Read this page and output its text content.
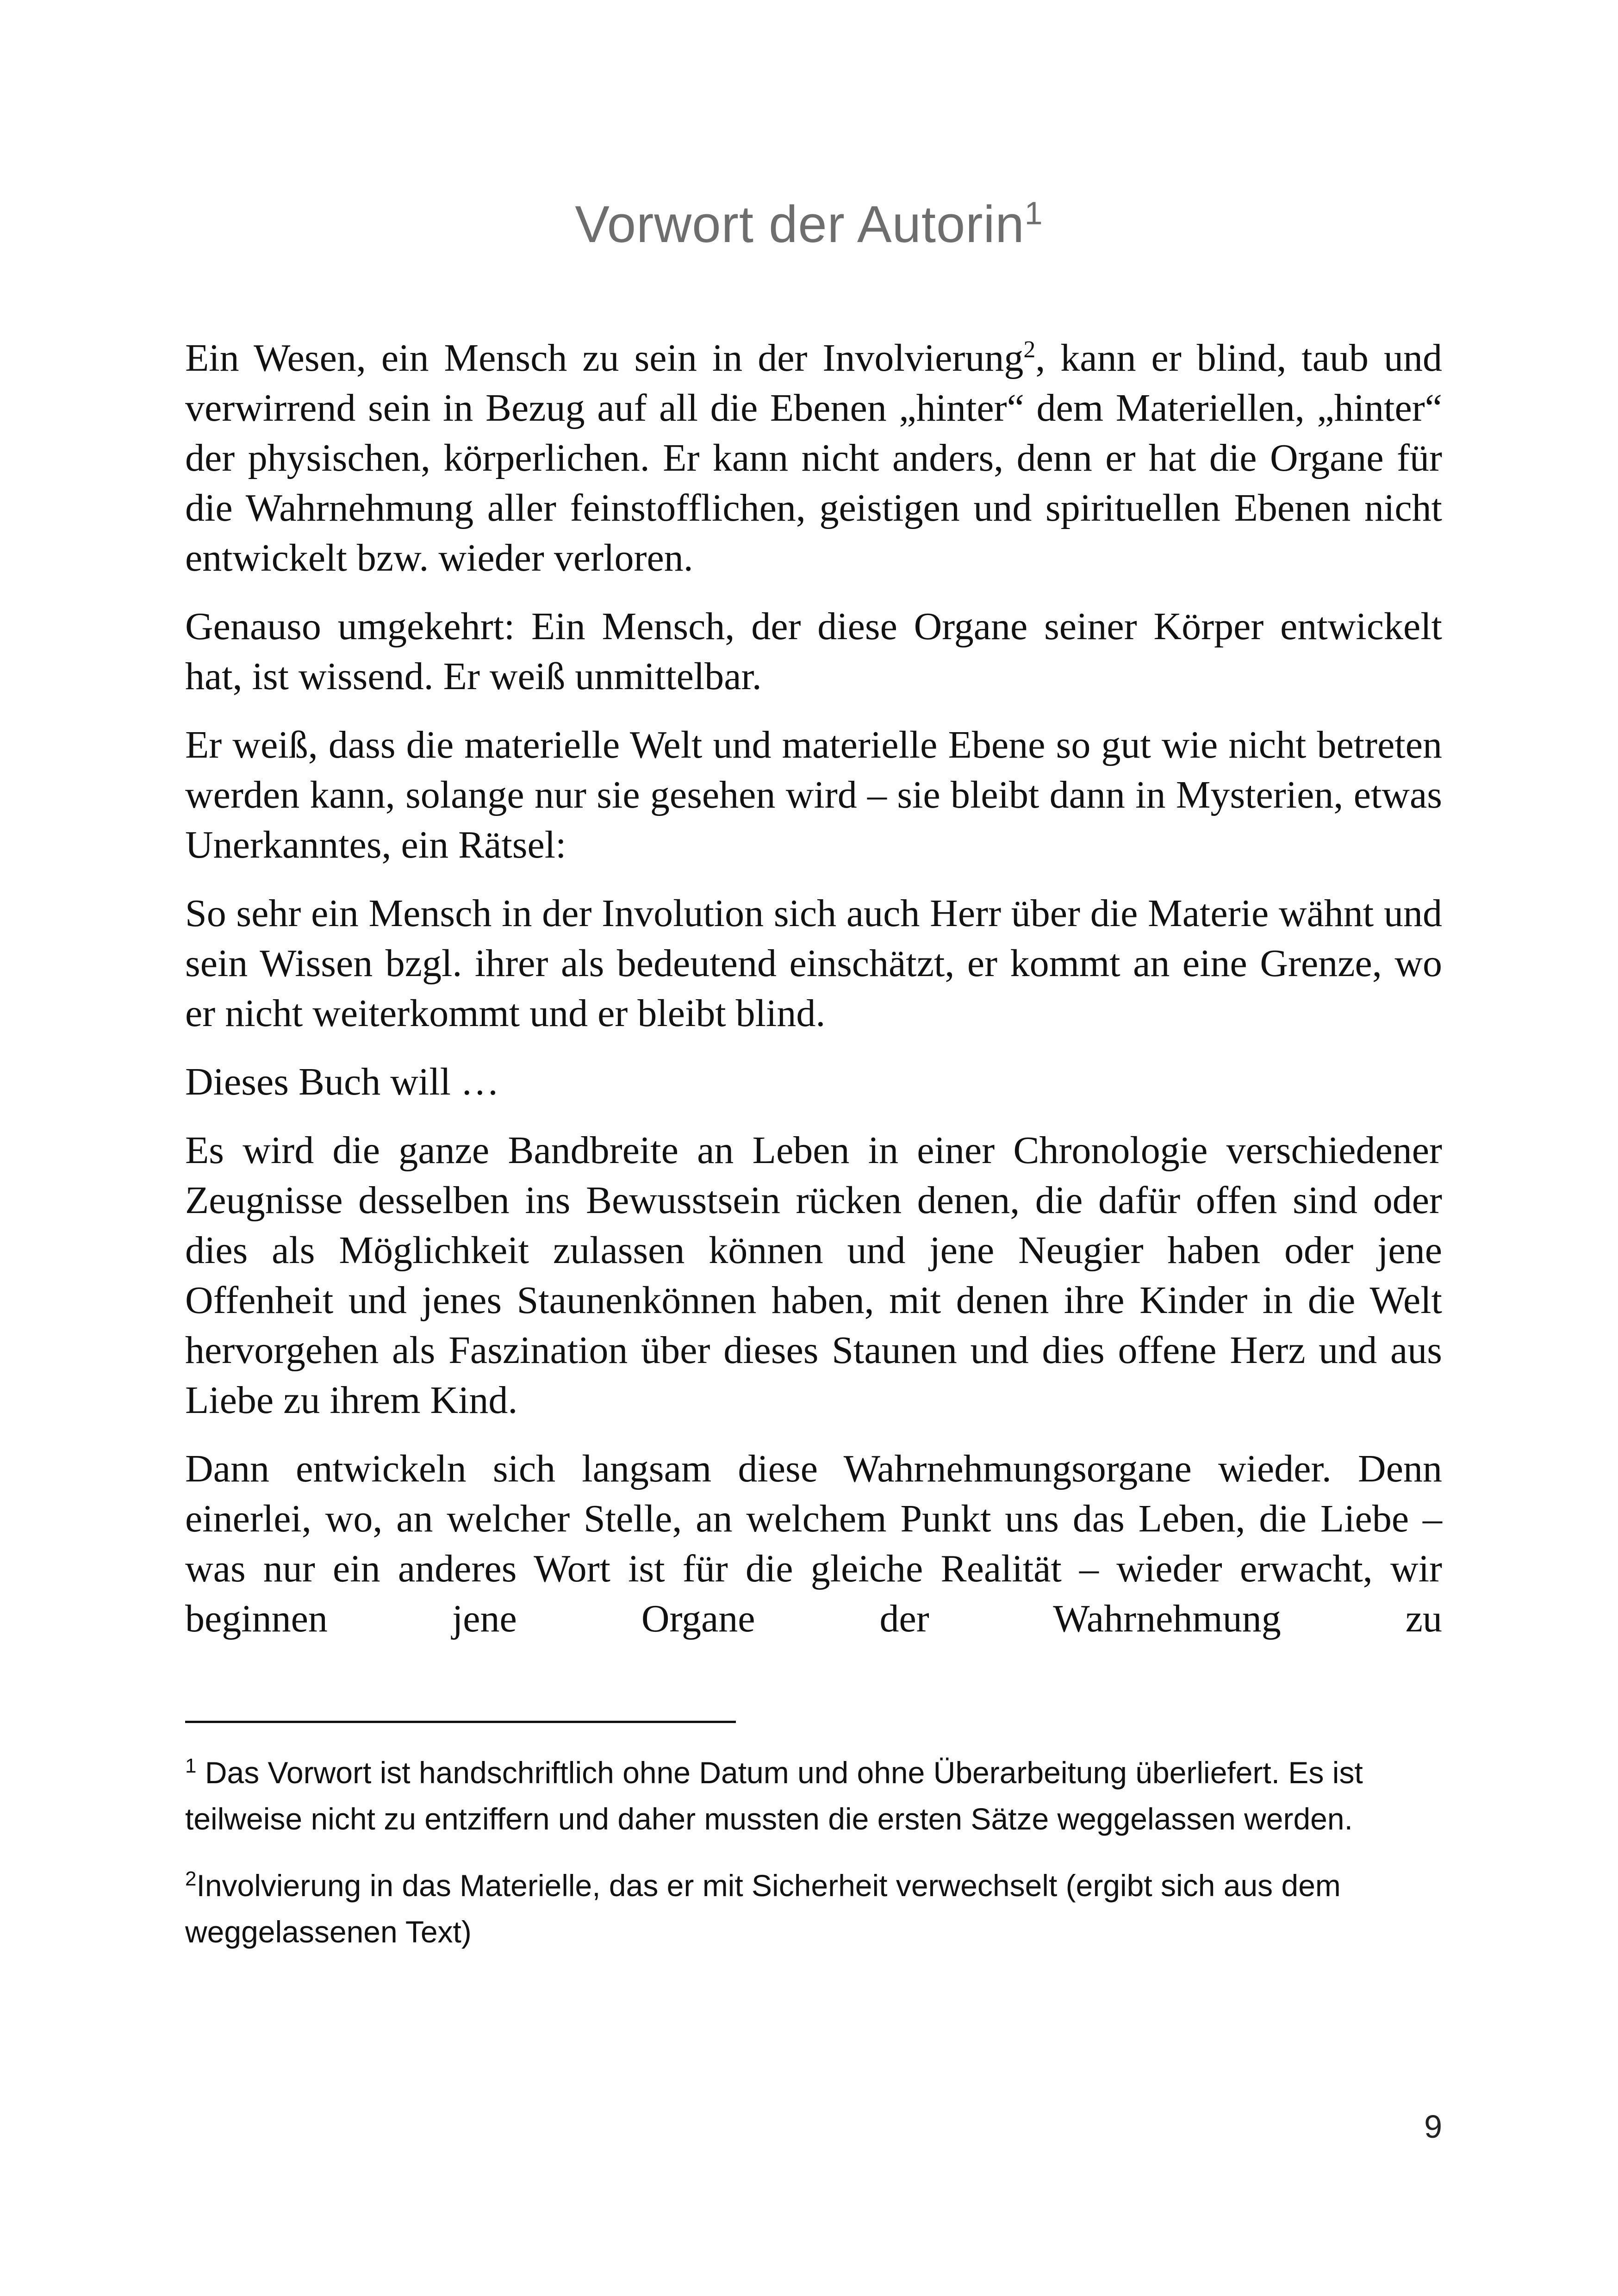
Vorwort der Autorin$^1$

Ein Wesen, ein Mensch zu sein in der Involvierung$^2$, kann er blind, taub und verwirrend sein in Bezug auf all die Ebenen „hinter“ dem Materiellen, „hinter“ der physischen, körperlichen. Er kann nicht anders, denn er hat die Organe für die Wahrnehmung aller feinstofflichen, geistigen und spirituellen Ebenen nicht entwickelt bzw. wieder verloren.

Genauso umgekehrt: Ein Mensch, der diese Organe seiner Körper entwickelt hat, ist wissend. Er weiß unmittelbar.

Er weiß, dass die materielle Welt und materielle Ebene so gut wie nicht betreten werden kann, solange nur sie gesehen wird – sie bleibt dann in Mysterien, etwas Unerkanntes, ein Rätsel:

So sehr ein Mensch in der Involution sich auch Herr über die Materie wähnt und sein Wissen bzgl. ihrer als bedeutend einschätzt, er kommt an eine Grenze, wo er nicht weiterkommt und er bleibt blind.

Dieses Buch will …

Es wird die ganze Bandbreite an Leben in einer Chronologie verschiedener Zeugnisse desselben ins Bewusstsein rücken denen, die dafür offen sind oder dies als Möglichkeit zulassen können und jene Neugier haben oder jene Offenheit und jenes Staunenkönnen haben, mit denen ihre Kinder in die Welt hervorgehen als Faszination über dieses Staunen und dies offene Herz und aus Liebe zu ihrem Kind.

Dann entwickeln sich langsam diese Wahrnehmungsorgane wieder. Denn einerlei, wo, an welcher Stelle, an welchem Punkt uns das Leben, die Liebe – was nur ein anderes Wort ist für die gleiche Realität – wieder erwacht, wir beginnen jene Organe der Wahrnehmung zu

$^1$ Das Vorwort ist handschriftlich ohne Datum und ohne Überarbeitung überliefert. Es ist teilweise nicht zu entziffern und daher mussten die ersten Sätze weggelassen werden.

$^2$Involvierung in das Materielle, das er mit Sicherheit verwechselt (ergibt sich aus dem weggelassenen Text)

9
